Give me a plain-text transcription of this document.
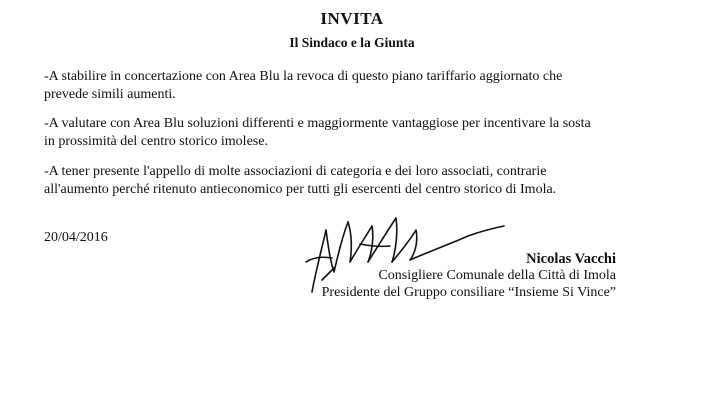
INVITA
Il Sindaco e la Giunta

-A stabilire in concertazione con Area Blu la revoca di questo piano tariffario aggiornato che
prevede simili aumenti.

-A valutare con Area Blu soluzioni differenti e maggiormente vantaggiose per incentivare la sosta
in prossimità del centro storico imolese.

-A tener presente l'appello di molte associazioni di categoria e dei loro associati, contrarie
all'aumento perché ritenuto antieconomico per tutti gli esercenti del centro storico di Imola.

20/04/2016
Nicolas Vacchi
Consigliere Comunale della Città di Imola
Presidente del Gruppo consiliare “Insieme Si Vince”
